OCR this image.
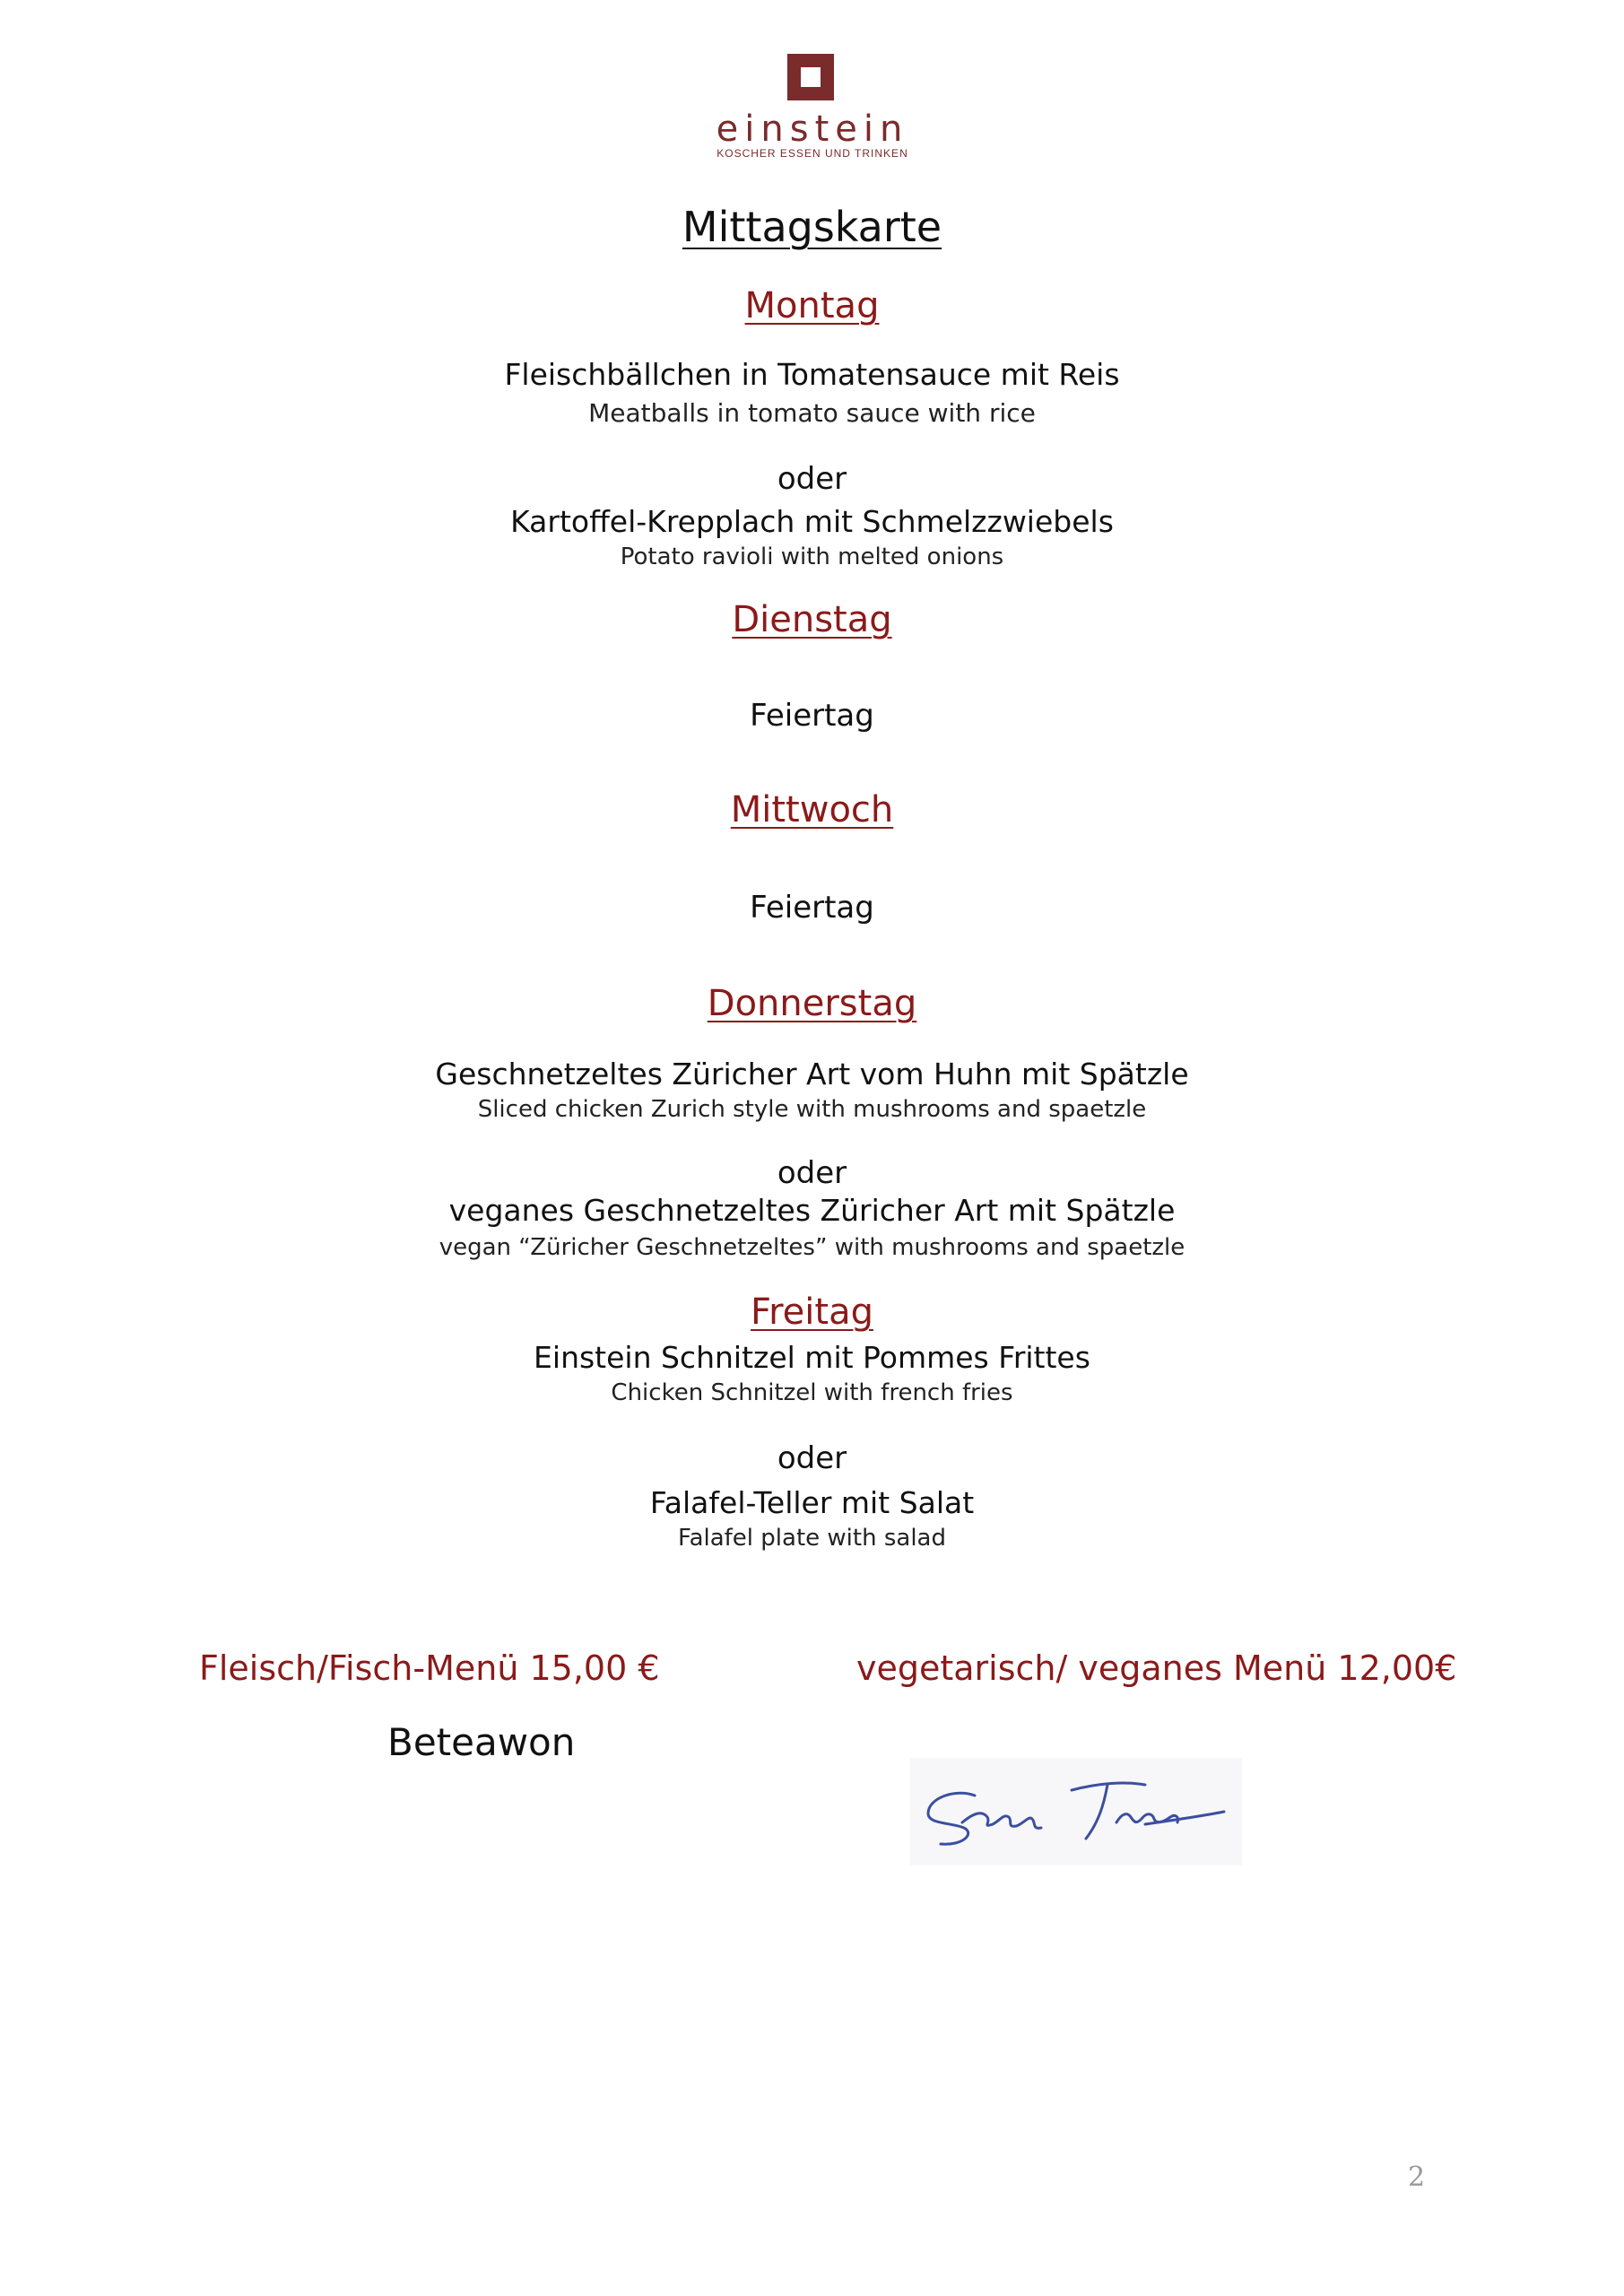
einstein
KOSCHER ESSEN UND TRINKEN
Mittagskarte
Montag
Fleischbällchen in Tomatensauce mit Reis
Meatballs in tomato sauce with rice
oder
Kartoffel-Krepplach mit Schmelzzwiebels
Potato ravioli with melted onions
Dienstag
Feiertag
Mittwoch
Feiertag
Donnerstag
Geschnetzeltes Züricher Art vom Huhn mit Spätzle
Sliced chicken Zurich style with mushrooms and spaetzle
oder
veganes Geschnetzeltes Züricher Art mit Spätzle
vegan “Züricher Geschnetzeltes” with mushrooms and spaetzle
Freitag
Einstein Schnitzel mit Pommes Frittes
Chicken Schnitzel with french fries
oder
Falafel-Teller mit Salat
Falafel plate with salad
Fleisch/Fisch-Menü 15,00 €	vegetarisch/ veganes Menü 12,00€
Beteawon
2
